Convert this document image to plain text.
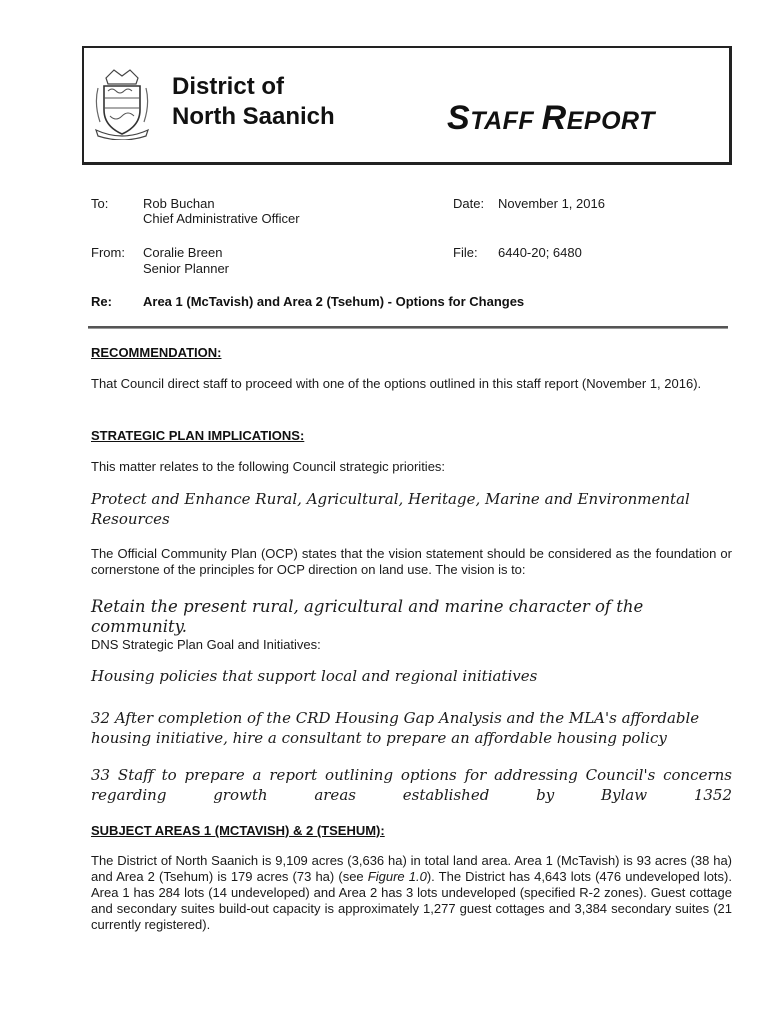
District of
North Saanich	STAFF REPORT
To:	Rob Buchan
Chief Administrative Officer
Date: November 1, 2016
From: Coralie Breen
Senior Planner
File: 6440-20; 6480
Re: Area 1 (McTavish) and Area 2 (Tsehum) - Options for Changes
RECOMMENDATION:
That Council direct staff to proceed with one of the options outlined in this staff report (November 1, 2016).
STRATEGIC PLAN IMPLICATIONS:
This matter relates to the following Council strategic priorities:
Protect and Enhance Rural, Agricultural, Heritage, Marine and Environmental Resources
The Official Community Plan (OCP) states that the vision statement should be considered as the foundation or cornerstone of the principles for OCP direction on land use. The vision is to:
Retain the present rural, agricultural and marine character of the community.
DNS Strategic Plan Goal and Initiatives:
Housing policies that support local and regional initiatives
32 After completion of the CRD Housing Gap Analysis and the MLA's affordable housing initiative, hire a consultant to prepare an affordable housing policy
33 Staff to prepare a report outlining options for addressing Council's concerns regarding growth areas established by Bylaw 1352
SUBJECT AREAS 1 (MCTAVISH) & 2 (TSEHUM):
The District of North Saanich is 9,109 acres (3,636 ha) in total land area. Area 1 (McTavish) is 93 acres (38 ha) and Area 2 (Tsehum) is 179 acres (73 ha) (see Figure 1.0). The District has 4,643 lots (476 undeveloped lots). Area 1 has 284 lots (14 undeveloped) and Area 2 has 3 lots undeveloped (specified R-2 zones). Guest cottage and secondary suites build-out capacity is approximately 1,277 guest cottages and 3,384 secondary suites (21 currently registered).
